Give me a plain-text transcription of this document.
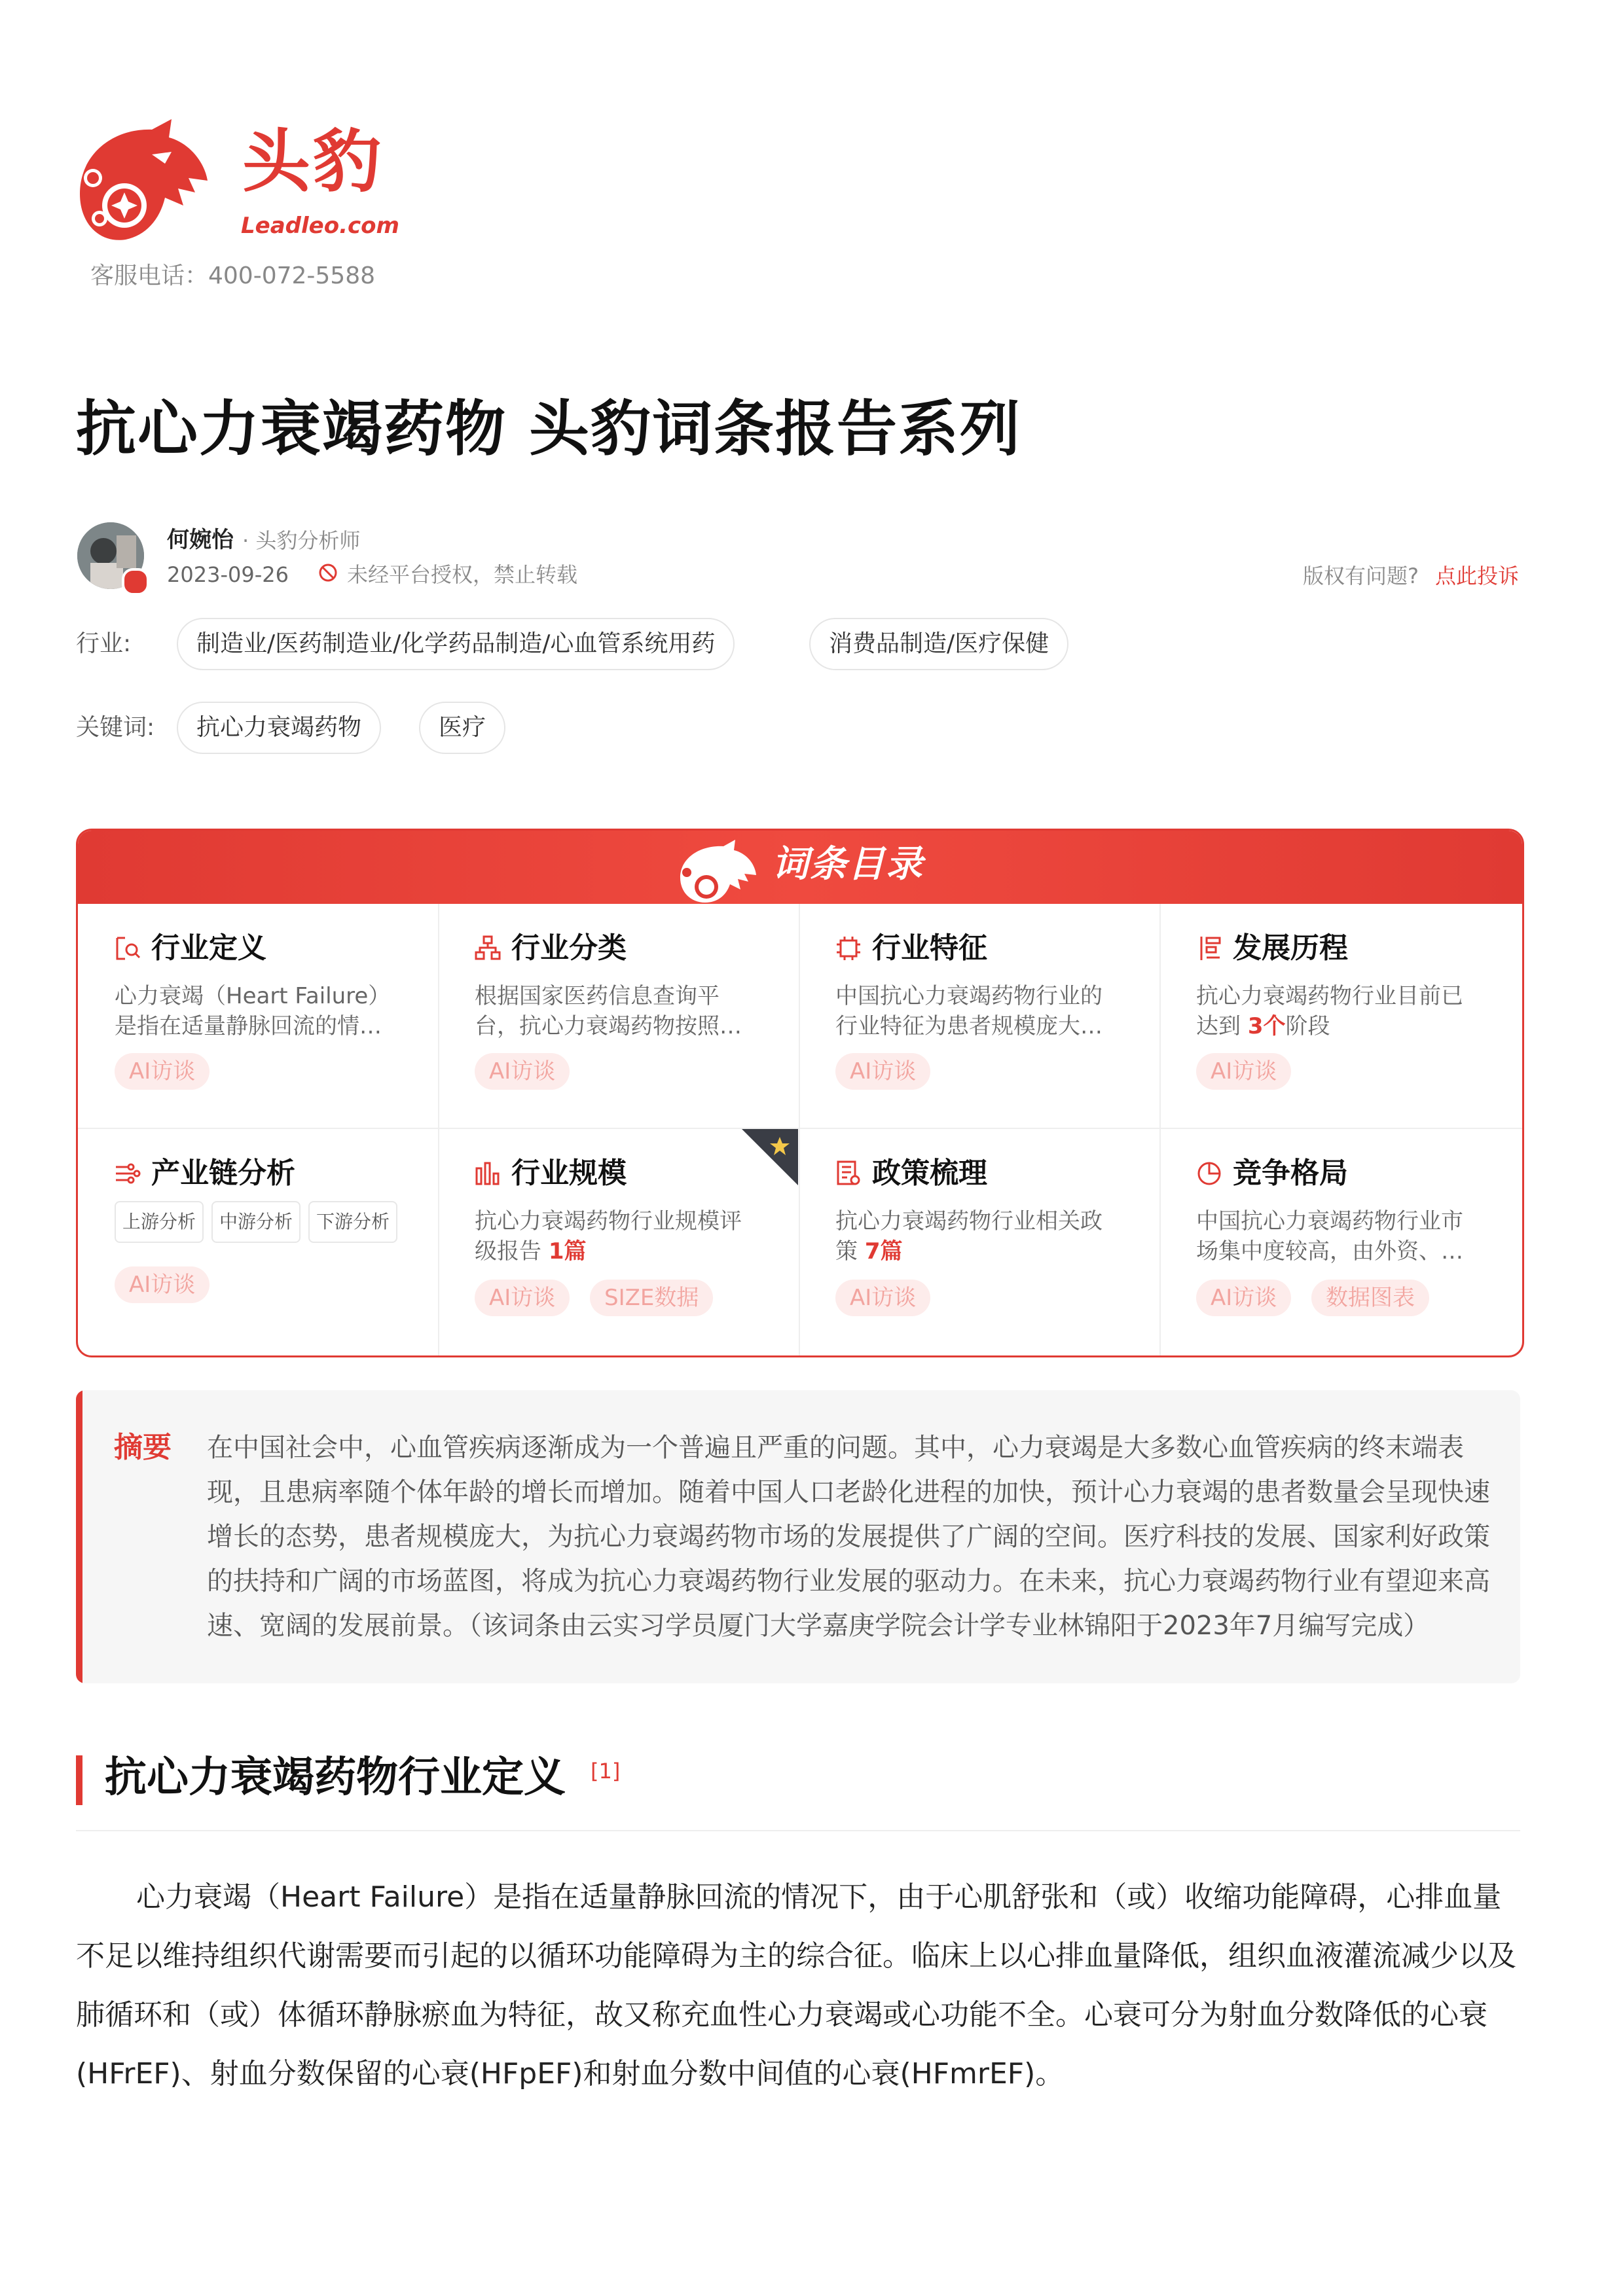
头豹
Leadleo.com
客服电话：400-072-5588
抗心力衰竭药物 头豹词条报告系列
何婉怡 · 头豹分析师
2023-09-26	未经平台授权，禁止转载	版权有问题? 点此投诉
行业:	制造业/医药制造业/化学药品制造/心血管系统用药	消费品制造/医疗保健
关键词:	抗心力衰竭药物	医疗
词条目录
行业定义
心力衰竭（Heart Failure）是指在适量静脉回流的情…
AI访谈
行业分类
根据国家医药信息查询平台，抗心力衰竭药物按照…
AI访谈
行业特征
中国抗心力衰竭药物行业的行业特征为患者规模庞大…
AI访谈
发展历程
抗心力衰竭药物行业目前已达到 3个阶段
AI访谈
产业链分析
上游分析	中游分析	下游分析
AI访谈
行业规模
抗心力衰竭药物行业规模评级报告 1篇
AI访谈	SIZE数据
政策梳理
抗心力衰竭药物行业相关政策 7篇
AI访谈
竞争格局
中国抗心力衰竭药物行业市场集中度较高，由外资、…
AI访谈	数据图表
摘要 在中国社会中，心血管疾病逐渐成为一个普遍且严重的问题。其中，心力衰竭是大多数心血管疾病的终末端表现，且患病率随个体年龄的增长而增加。随着中国人口老龄化进程的加快，预计心力衰竭的患者数量会呈现快速增长的态势，患者规模庞大，为抗心力衰竭药物市场的发展提供了广阔的空间。医疗科技的发展、国家利好政策的扶持和广阔的市场蓝图，将成为抗心力衰竭药物行业发展的驱动力。在未来，抗心力衰竭药物行业有望迎来高速、宽阔的发展前景。（该词条由云实习学员厦门大学嘉庚学院会计学专业林锦阳于2023年7月编写完成）
抗心力衰竭药物行业定义 [1]
心力衰竭（Heart Failure）是指在适量静脉回流的情况下，由于心肌舒张和（或）收缩功能障碍，心排血量不足以维持组织代谢需要而引起的以循环功能障碍为主的综合征。临床上以心排血量降低，组织血液灌流减少以及肺循环和（或）体循环静脉瘀血为特征，故又称充血性心力衰竭或心功能不全。心衰可分为射血分数降低的心衰(HFrEF)、射血分数保留的心衰(HFpEF)和射血分数中间值的心衰(HFmrEF)。
